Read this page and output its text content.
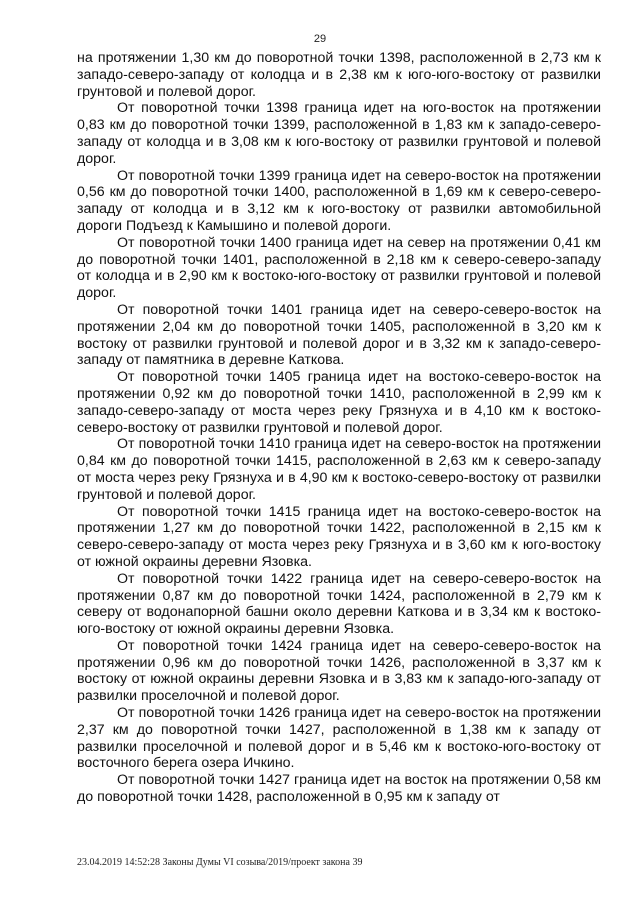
29

на протяжении 1,30 км до поворотной точки 1398, расположенной в 2,73 км к западо-северо-западу от колодца и в 2,38 км к юго-юго-востоку от развилки грунтовой и полевой дорог.

От поворотной точки 1398 граница идет на юго-восток на протяжении 0,83 км до поворотной точки 1399, расположенной в 1,83 км к западо-северо-западу от колодца и в 3,08 км к юго-востоку от развилки грунтовой и полевой дорог.

От поворотной точки 1399 граница идет на северо-восток на протяжении 0,56 км до поворотной точки 1400, расположенной в 1,69 км к северо-северо-западу от колодца и в 3,12 км к юго-востоку от развилки автомобильной дороги Подъезд к Камышино и полевой дороги.

От поворотной точки 1400 граница идет на север на протяжении 0,41 км до поворотной точки 1401, расположенной в 2,18 км к северо-северо-западу от колодца и в 2,90 км к востоко-юго-востоку от развилки грунтовой и полевой дорог.

От поворотной точки 1401 граница идет на северо-северо-восток на протяжении 2,04 км до поворотной точки 1405, расположенной в 3,20 км к востоку от развилки грунтовой и полевой дорог и в 3,32 км к западо-северо-западу от памятника в деревне Каткова.

От поворотной точки 1405 граница идет на востоко-северо-восток на протяжении 0,92 км до поворотной точки 1410, расположенной в 2,99 км к западо-северо-западу от моста через реку Грязнуха и в 4,10 км к востоко-северо-востоку от развилки грунтовой и полевой дорог.

От поворотной точки 1410 граница идет на северо-восток на протяжении 0,84 км до поворотной точки 1415, расположенной в 2,63 км к северо-западу от моста через реку Грязнуха и в 4,90 км к востоко-северо-востоку от развилки грунтовой и полевой дорог.

От поворотной точки 1415 граница идет на востоко-северо-восток на протяжении 1,27 км до поворотной точки 1422, расположенной в 2,15 км к северо-северо-западу от моста через реку Грязнуха и в 3,60 км к юго-востоку от южной окраины деревни Язовка.

От поворотной точки 1422 граница идет на северо-северо-восток на протяжении 0,87 км до поворотной точки 1424, расположенной в 2,79 км к северу от водонапорной башни около деревни Каткова и в 3,34 км к востоко-юго-востоку от южной окраины деревни Язовка.

От поворотной точки 1424 граница идет на северо-северо-восток на протяжении 0,96 км до поворотной точки 1426, расположенной в 3,37 км к востоку от южной окраины деревни Язовка и в 3,83 км к западо-юго-западу от развилки проселочной и полевой дорог.

От поворотной точки 1426 граница идет на северо-восток на протяжении 2,37 км до поворотной точки 1427, расположенной в 1,38 км к западу от развилки проселочной и полевой дорог и в 5,46 км к востоко-юго-востоку от восточного берега озера Ичкино.

От поворотной точки 1427 граница идет на восток на протяжении 0,58 км до поворотной точки 1428, расположенной в 0,95 км к западу от

23.04.2019 14:52:28 Законы Думы VI созыва/2019/проект закона 39
